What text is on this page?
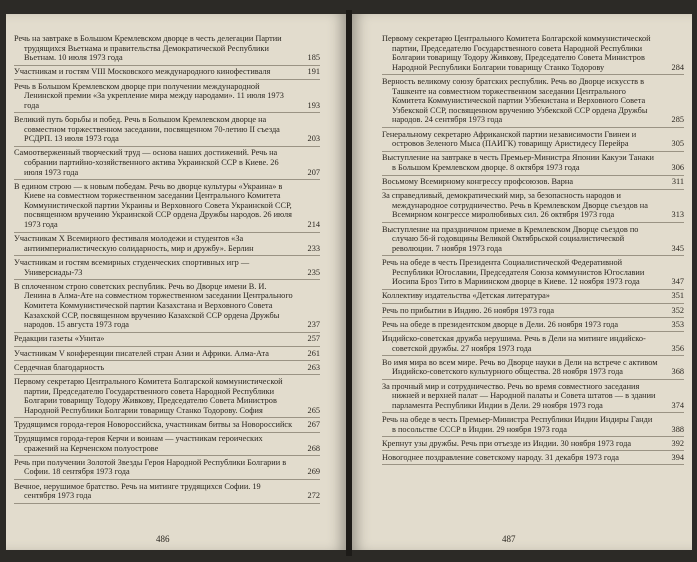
Речь на завтраке в Большом Кремлевском дворце в честь делегации Партии трудящихся Вьетнама и правительства Демократической Республики Вьетнам. 10 июля 1973 года	185
Участникам и гостям VIII Московского международного кинофестиваля	191
Речь в Большом Кремлевском дворце при получении международной Ленинской премии «За укрепление мира между народами». 11 июля 1973 года	193
Великий путь борьбы и побед. Речь в Большом Кремлевском дворце на совместном торжественном заседании, посвященном 70-летию II съезда РСДРП. 13 июля 1973 года	203
Самоотверженный творческий труд — основа наших достижений. Речь на собрании партийно-хозяйственного актива Украинской ССР в Киеве. 26 июля 1973 года	207
В едином строю — к новым победам. Речь во дворце культуры «Украина» в Киеве на совместном торжественном заседании Центрального Комитета Коммунистической партии Украины и Верховного Совета Украинской ССР, посвященном вручению Украинской ССР ордена Дружбы народов. 26 июля 1973 года	214
Участникам X Всемирного фестиваля молодежи и студентов «За антиимпериалистическую солидарность, мир и дружбу». Берлин	233
Участникам и гостям всемирных студенческих спортивных игр — Универсиады-73	235
В сплоченном строю советских республик. Речь во Дворце имени В. И. Ленина в Алма-Ате на совместном торжественном заседании Центрального Комитета Коммунистической партии Казахстана и Верховного Совета Казахской ССР, посвященном вручению Казахской ССР ордена Дружбы народов. 15 августа 1973 года	237
Редакции газеты «Унита»	257
Участникам V конференции писателей стран Азии и Африки. Алма-Ата	261
Сердечная благодарность	263
Первому секретарю Центрального Комитета Болгарской коммунистической партии, Председателю Государственного совета Народной Республики Болгарии товарищу Тодору Живкову, Председателю Совета Министров Народной Республики Болгарии товарищу Станко Тодорову. София	265
Трудящимся города-героя Новороссийска, участникам битвы за Новороссийск 267
Трудящимся города-героя Керчи и воинам — участникам героических сражений на Керченском полуострове	268
Речь при получении Золотой Звезды Героя Народной Республики Болгарии в Софии. 18 сентября 1973 года	269
Вечное, нерушимое братство. Речь на митинге трудящихся Софии. 19 сентября 1973 года	272
486
Первому секретарю Центрального Комитета Болгарской коммунистической партии, Председателю Государственного совета Народной Республики Болгарии товарищу Тодору Живкову, Председателю Совета Министров Народной Республики Болгарии товарищу Станко Тодорову	284
Верность великому союзу братских республик. Речь во Дворце искусств в Ташкенте на совместном торжественном заседании Центрального Комитета Коммунистической партии Узбекистана и Верховного Совета Узбекской ССР, посвященном вручению Узбекской ССР ордена Дружбы народов. 24 сентября 1973 года	285
Генеральному секретарю Африканской партии независимости Гвинеи и островов Зеленого Мыса (ПАИГК) товарищу Аристидесу Перейра	305
Выступление на завтраке в честь Премьер-Министра Японии Какуэи Танаки в Большом Кремлевском дворце. 8 октября 1973 года	306
Восьмому Всемирному конгрессу профсоюзов. Варна	311
За справедливый, демократический мир, за безопасность народов и международное сотрудничество. Речь в Кремлевском Дворце съездов на Всемирном конгрессе миролюбивых сил. 26 октября 1973 года	313
Выступление на праздничном приеме в Кремлевском Дворце съездов по случаю 56-й годовщины Великой Октябрьской социалистической революции. 7 ноября 1973 года	345
Речь на обеде в честь Президента Социалистической Федеративной Республики Югославии, Председателя Союза коммунистов Югославии Иосипа Броз Тито в Мариинском дворце в Киеве. 12 ноября 1973 года	347
Коллективу издательства «Детская литература»	351
Речь по прибытии в Индию. 26 ноября 1973 года	352
Речь на обеде в президентском дворце в Дели. 26 ноября 1973 года	353
Индийско-советская дружба нерушима. Речь в Дели на митинге индийско-советской дружбы. 27 ноября 1973 года	356
Во имя мира во всем мире. Речь во Дворце науки в Дели на встрече с активом Индийско-советского культурного общества. 28 ноября 1973 года	368
За прочный мир и сотрудничество. Речь во время совместного заседания нижней и верхней палат — Народной палаты и Совета штатов — в здании парламента Республики Индии в Дели. 29 ноября 1973 года	374
Речь на обеде в честь Премьер-Министра Республики Индии Индиры Ганди в посольстве СССР в Индии. 29 ноября 1973 года	388
Крепнут узы дружбы. Речь при отъезде из Индии. 30 ноября 1973 года	392
Новогоднее поздравление советскому народу. 31 декабря 1973 года	394
487
